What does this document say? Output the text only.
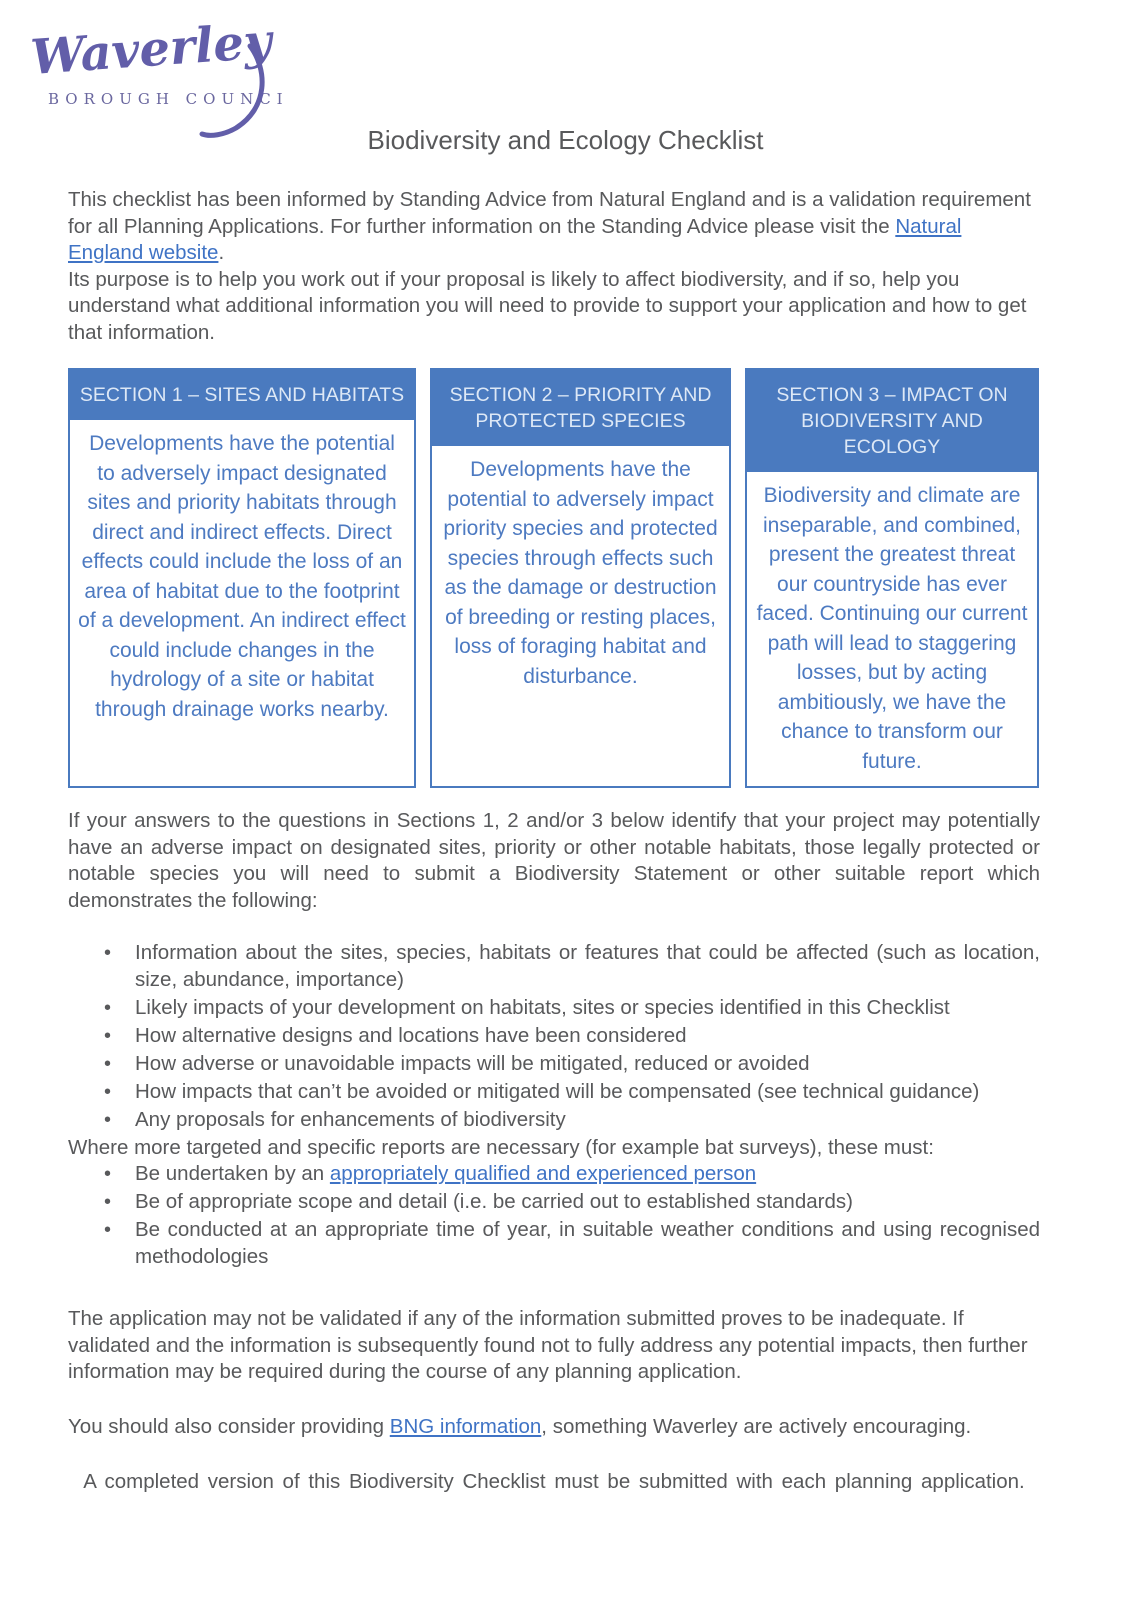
Waverley
BOROUGH COUNCIL
Biodiversity and Ecology Checklist

This checklist has been informed by Standing Advice from Natural England and is a validation requirement for all Planning Applications. For further information on the Standing Advice please visit the Natural England website.

Its purpose is to help you work out if your proposal is likely to affect biodiversity, and if so, help you understand what additional information you will need to provide to support your application and how to get that information.

SECTION 1 – SITES AND HABITATS
Developments have the potential to adversely impact designated sites and priority habitats through direct and indirect effects. Direct effects could include the loss of an area of habitat due to the footprint of a development. An indirect effect could include changes in the hydrology of a site or habitat through drainage works nearby.
SECTION 2 – PRIORITY AND PROTECTED SPECIES
Developments have the potential to adversely impact priority species and protected species through effects such as the damage or destruction of breeding or resting places, loss of foraging habitat and disturbance.
SECTION 3 – IMPACT ON BIODIVERSITY AND ECOLOGY
Biodiversity and climate are inseparable, and combined, present the greatest threat our countryside has ever faced. Continuing our current path will lead to staggering losses, but by acting ambitiously, we have the chance to transform our future.

If your answers to the questions in Sections 1, 2 and/or 3 below identify that your project may potentially have an adverse impact on designated sites, priority or other notable habitats, those legally protected or notable species you will need to submit a Biodiversity Statement or other suitable report which demonstrates the following:

• Information about the sites, species, habitats or features that could be affected (such as location, size, abundance, importance)
• Likely impacts of your development on habitats, sites or species identified in this Checklist
• How alternative designs and locations have been considered
• How adverse or unavoidable impacts will be mitigated, reduced or avoided
• How impacts that can’t be avoided or mitigated will be compensated (see technical guidance)
• Any proposals for enhancements of biodiversity

Where more targeted and specific reports are necessary (for example bat surveys), these must:

• Be undertaken by an appropriately qualified and experienced person
• Be of appropriate scope and detail (i.e. be carried out to established standards)
• Be conducted at an appropriate time of year, in suitable weather conditions and using recognised methodologies

The application may not be validated if any of the information submitted proves to be inadequate. If validated and the information is subsequently found not to fully address any potential impacts, then further information may be required during the course of any planning application.

You should also consider providing BNG information, something Waverley are actively encouraging.

A completed version of this Biodiversity Checklist must be submitted with each planning application.
